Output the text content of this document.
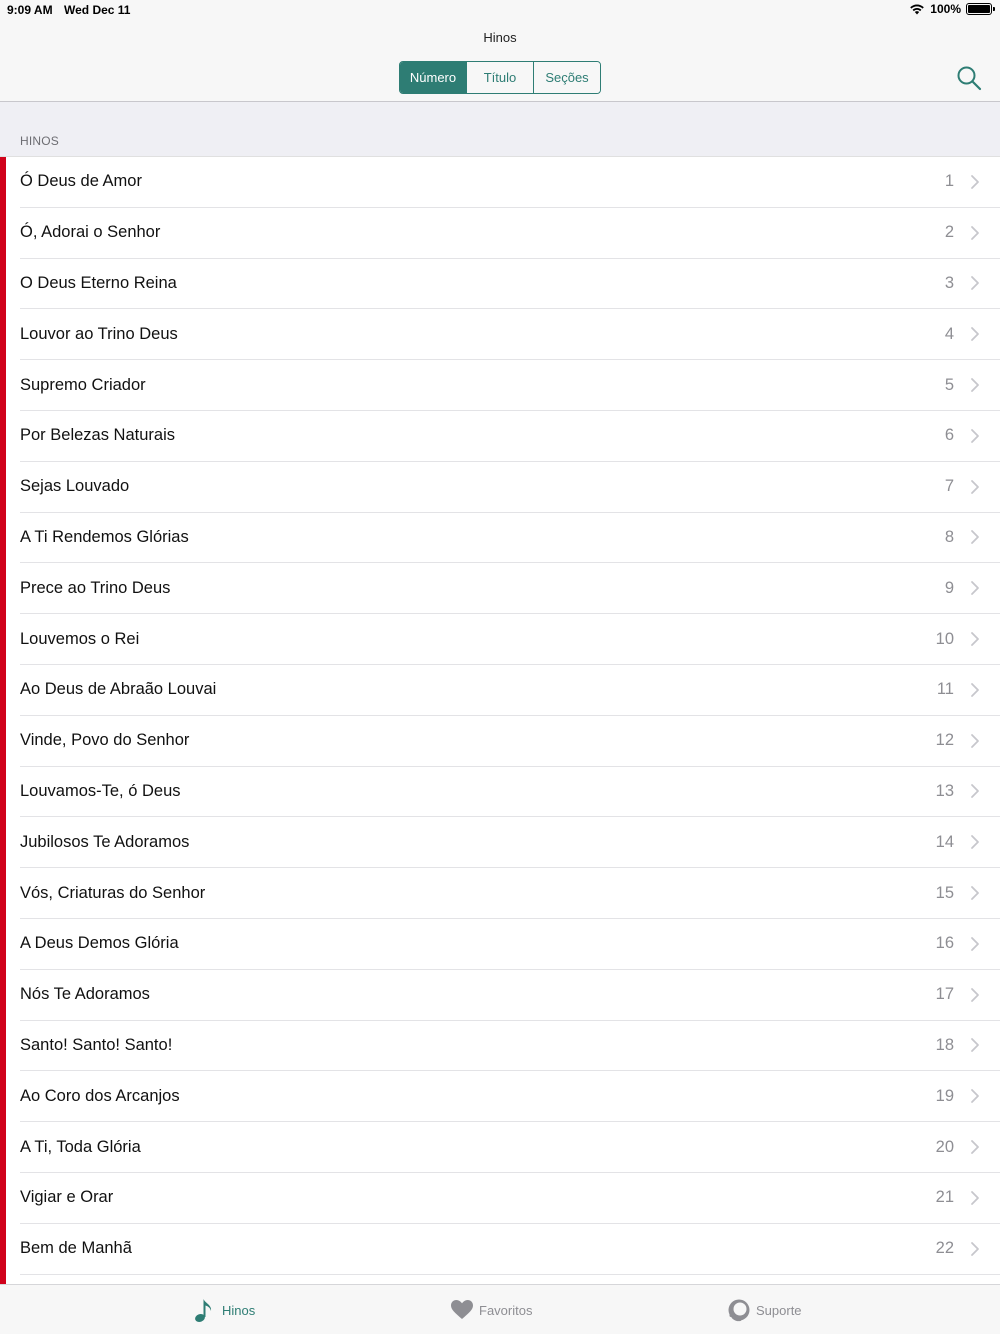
9:09 AM Wed Dec 11	100%
Hinos
Número	Título	Seções
HINOS
Ó Deus de Amor	1
Ó, Adorai o Senhor	2
O Deus Eterno Reina	3
Louvor ao Trino Deus	4
Supremo Criador	5
Por Belezas Naturais	6
Sejas Louvado	7
A Ti Rendemos Glórias	8
Prece ao Trino Deus	9
Louvemos o Rei	10
Ao Deus de Abraão Louvai	11
Vinde, Povo do Senhor	12
Louvamos-Te, ó Deus	13
Jubilosos Te Adoramos	14
Vós, Criaturas do Senhor	15
A Deus Demos Glória	16
Nós Te Adoramos	17
Santo! Santo! Santo!	18
Ao Coro dos Arcanjos	19
A Ti, Toda Glória	20
Vigiar e Orar	21
Bem de Manhã	22
Hinos	Favoritos	Suporte
